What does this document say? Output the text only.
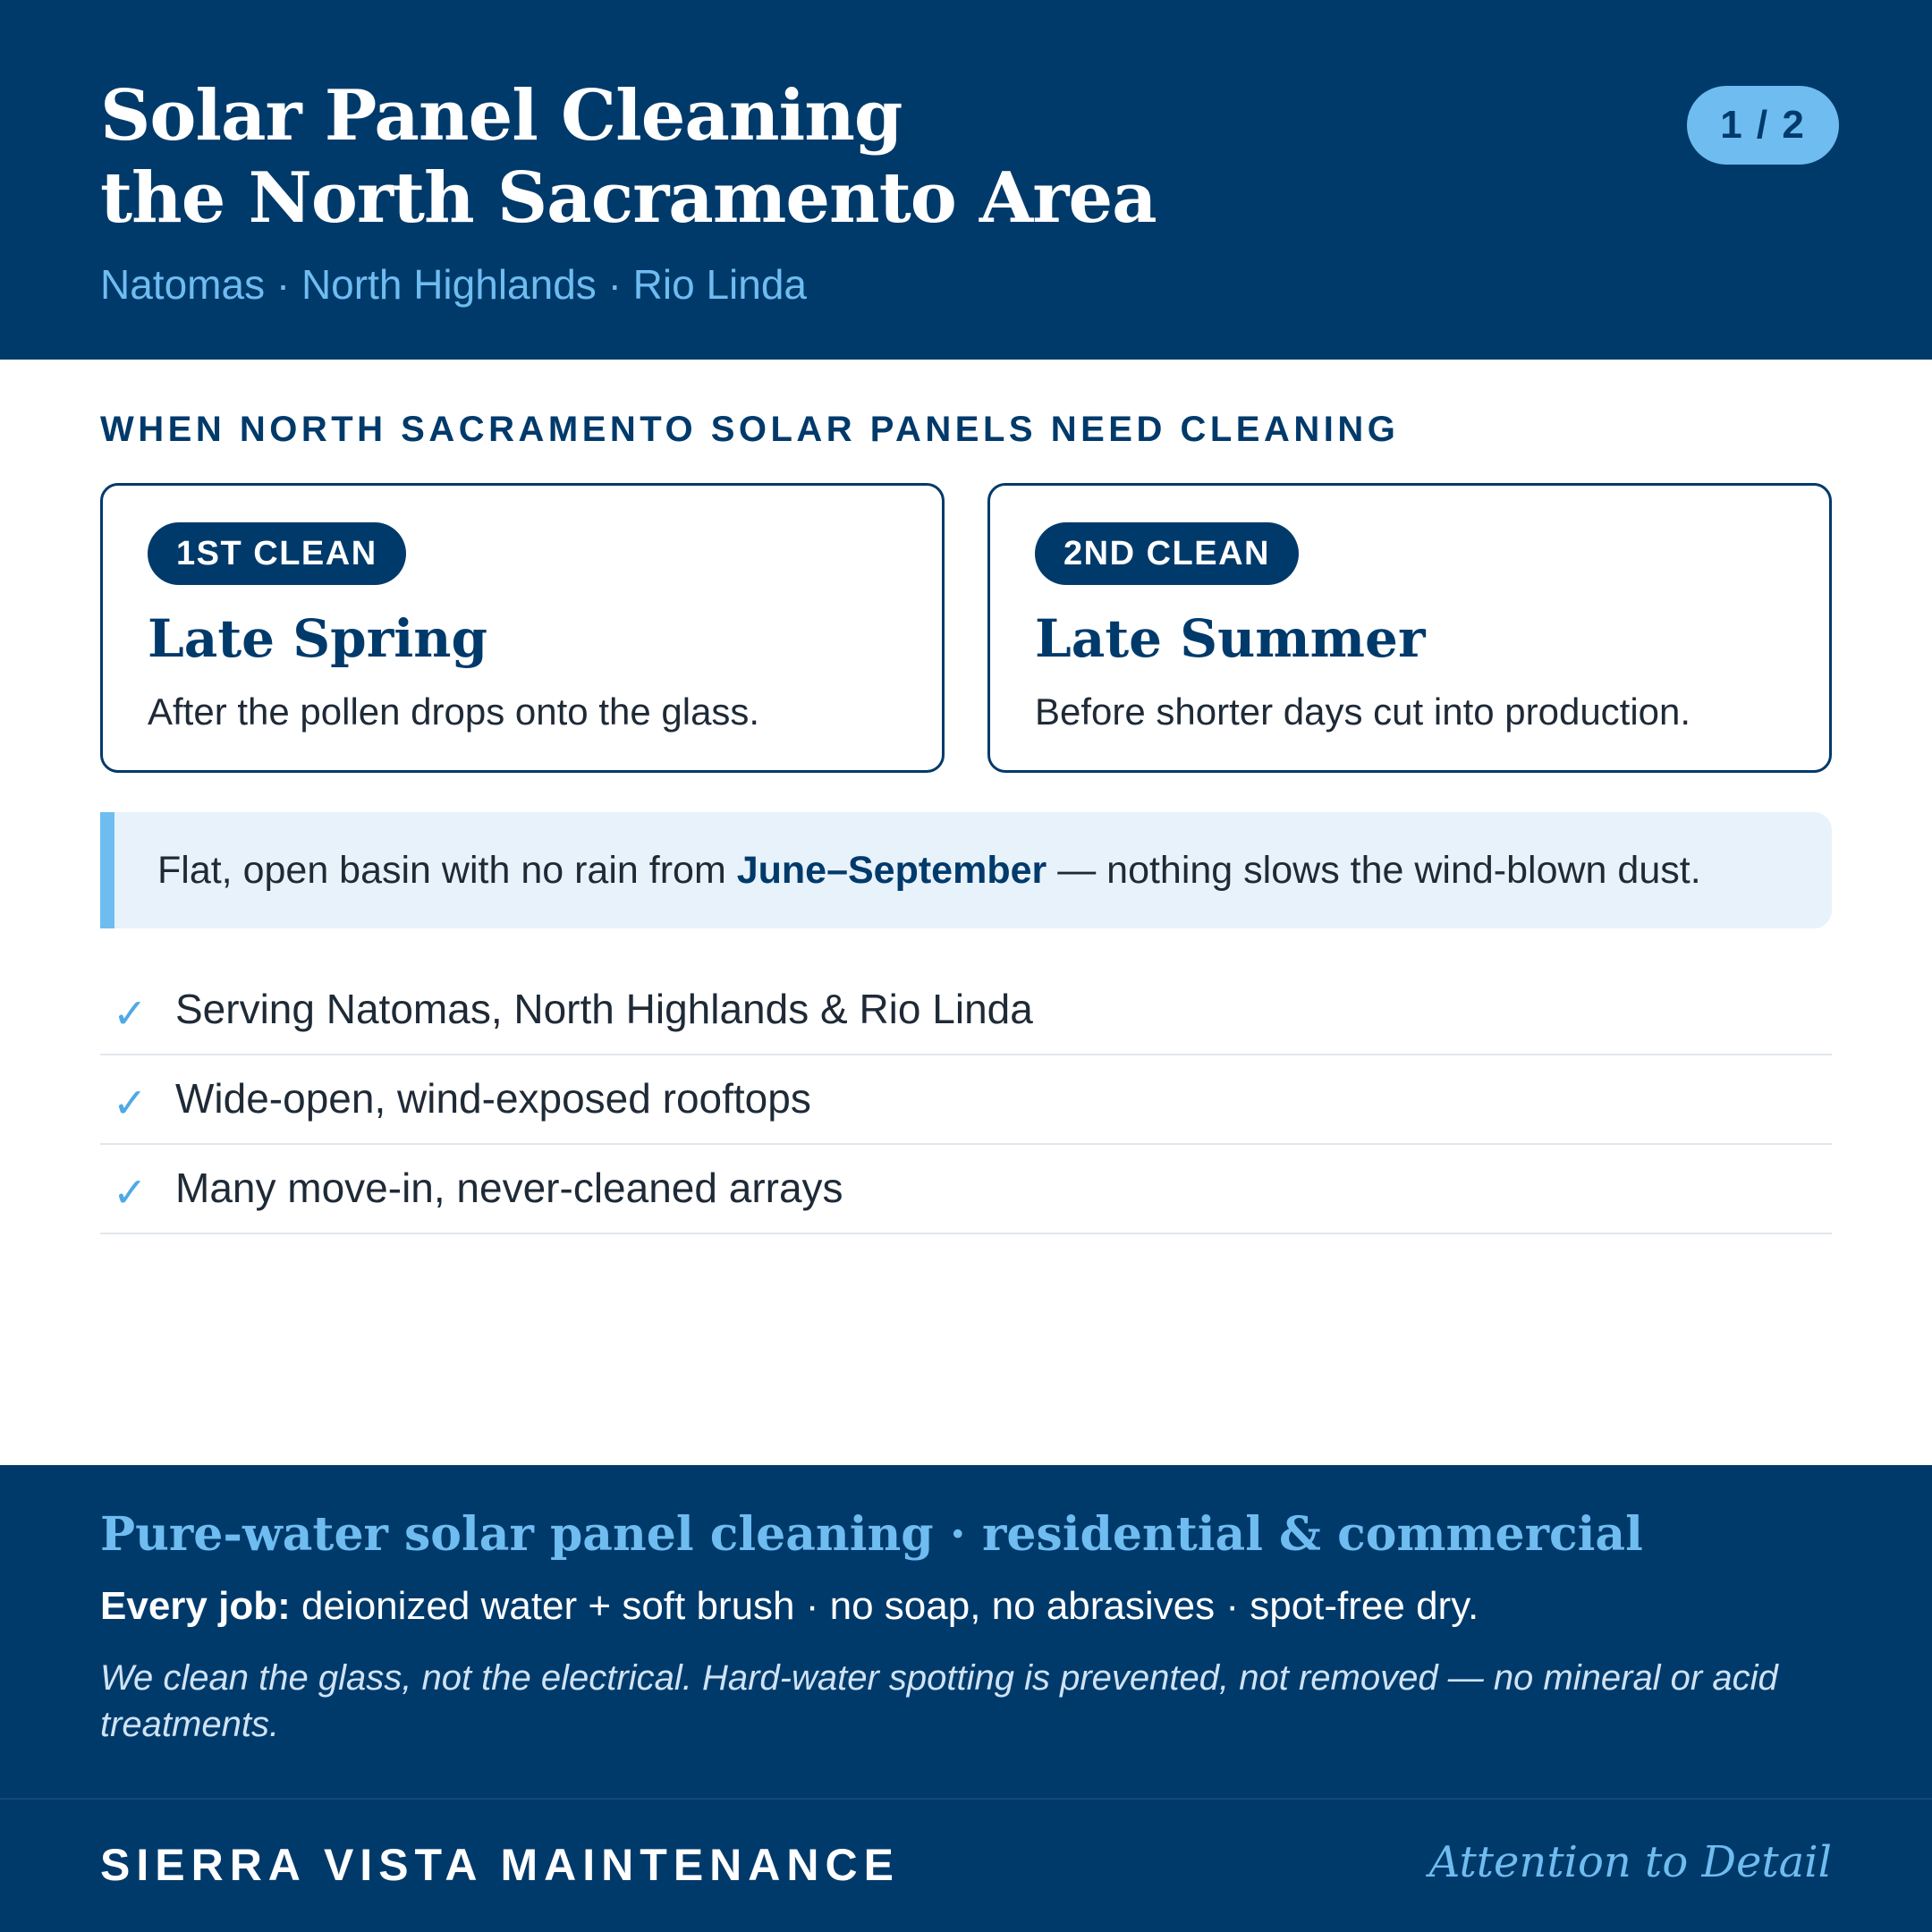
Solar Panel Cleaning
the North Sacramento Area
Natomas · North Highlands · Rio Linda
1 / 2
WHEN NORTH SACRAMENTO SOLAR PANELS NEED CLEANING
1ST CLEAN
Late Spring
After the pollen drops onto the glass.
2ND CLEAN
Late Summer
Before shorter days cut into production.
Flat, open basin with no rain from
June–September
— nothing slows the wind-blown dust.
✓ Serving Natomas, North Highlands & Rio Linda
✓ Wide-open, wind-exposed rooftops
✓ Many move-in, never-cleaned arrays
Pure-water solar panel cleaning · residential & commercial
Every job: deionized water + soft brush · no soap, no abrasives · spot-free dry.
We clean the glass, not the electrical. Hard-water spotting is prevented, not removed — no mineral or acid treatments.
SIERRA VISTA MAINTENANCE	Attention to Detail
